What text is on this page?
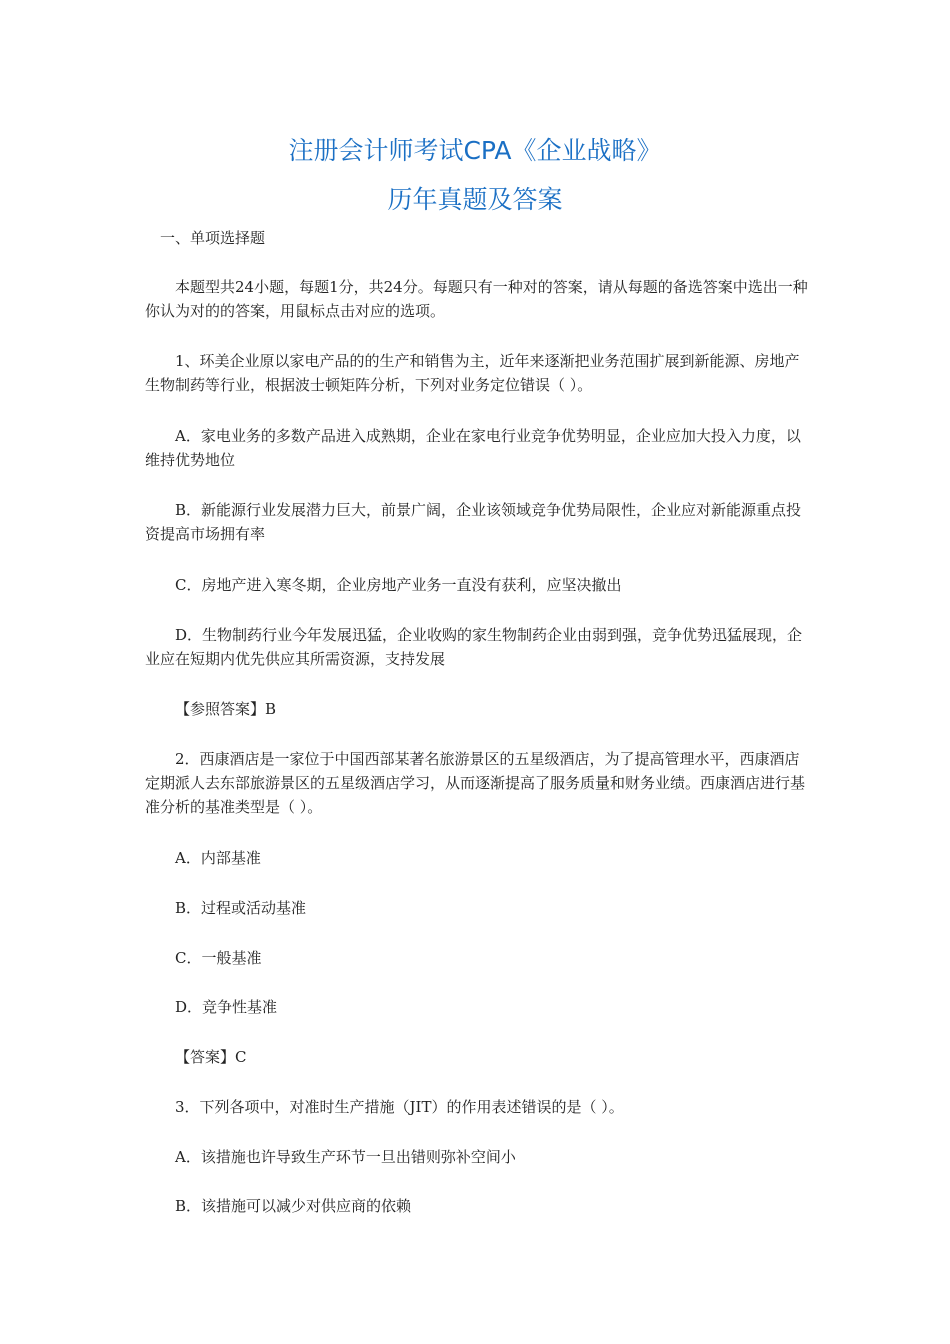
注册会计师考试CPA《企业战略》
历年真题及答案
一、单项选择题
本题型共24小题，每题1分，共24分。每题只有一种对的答案，请从每题的备选答案中选出一种你认为对的的答案，用鼠标点击对应的选项。
1、环美企业原以家电产品的的生产和销售为主，近年来逐渐把业务范围扩展到新能源、房地产生物制药等行业，根据波士顿矩阵分析，下列对业务定位错误（ ）。
A．家电业务的多数产品进入成熟期，企业在家电行业竞争优势明显，企业应加大投入力度，以维持优势地位
B．新能源行业发展潜力巨大，前景广阔，企业该领域竞争优势局限性，企业应对新能源重点投资提高市场拥有率
C．房地产进入寒冬期，企业房地产业务一直没有获利，应坚决撤出
D．生物制药行业今年发展迅猛，企业收购的家生物制药企业由弱到强，竞争优势迅猛展现，企业应在短期内优先供应其所需资源，支持发展
【参照答案】B
2．西康酒店是一家位于中国西部某著名旅游景区的五星级酒店，为了提高管理水平，西康酒店定期派人去东部旅游景区的五星级酒店学习，从而逐渐提高了服务质量和财务业绩。西康酒店进行基准分析的基准类型是（ ）。
A．内部基准
B．过程或活动基准
C．一般基准
D．竞争性基准
【答案】C
3．下列各项中，对准时生产措施（JIT）的作用表述错误的是（ ）。
A．该措施也许导致生产环节一旦出错则弥补空间小
B．该措施可以减少对供应商的依赖
